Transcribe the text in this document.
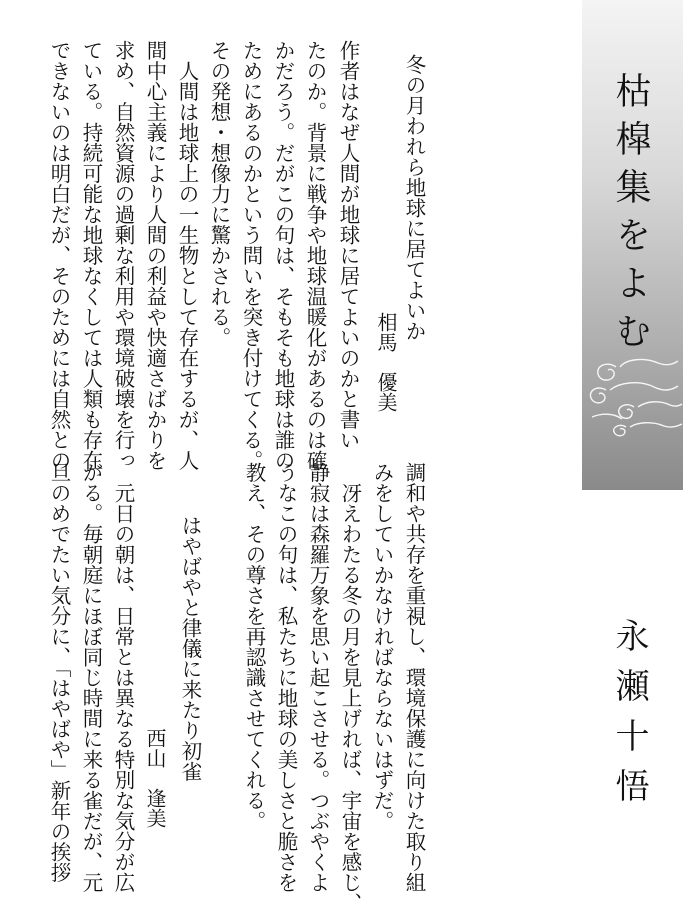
枯槹集をよむ
永瀬十悟
冬の月われら地球に居てよいか
相馬　優美
作者はなぜ人間が地球に居てよいのかと書い
たのか。背景に戦争や地球温暖化があるのは確
かだろう。だがこの句は、そもそも地球は誰の
ためにあるのかという問いを突き付けてくる。
その発想・想像力に驚かされる。
　人間は地球上の一生物として存在するが、人
間中心主義により人間の利益や快適さばかりを
求め、自然資源の過剰な利用や環境破壊を行っ
ている。持続可能な地球なくしては人類も存在
できないのは明白だが、そのためには自然との
調和や共存を重視し、環境保護に向けた取り組
みをしていかなければならないはずだ。
　冴えわたる冬の月を見上げれば、宇宙を感じ、
静寂は森羅万象を思い起こさせる。つぶやくよ
うなこの句は、私たちに地球の美しさと脆さを
教え、その尊さを再認識させてくれる。
はやばやと律儀に来たり初雀
西山　逢美
　元日の朝は、日常とは異なる特別な気分が広
がる。毎朝庭にほぼ同じ時間に来る雀だが、元
旦のめでたい気分に、「はやばや」新年の挨拶
